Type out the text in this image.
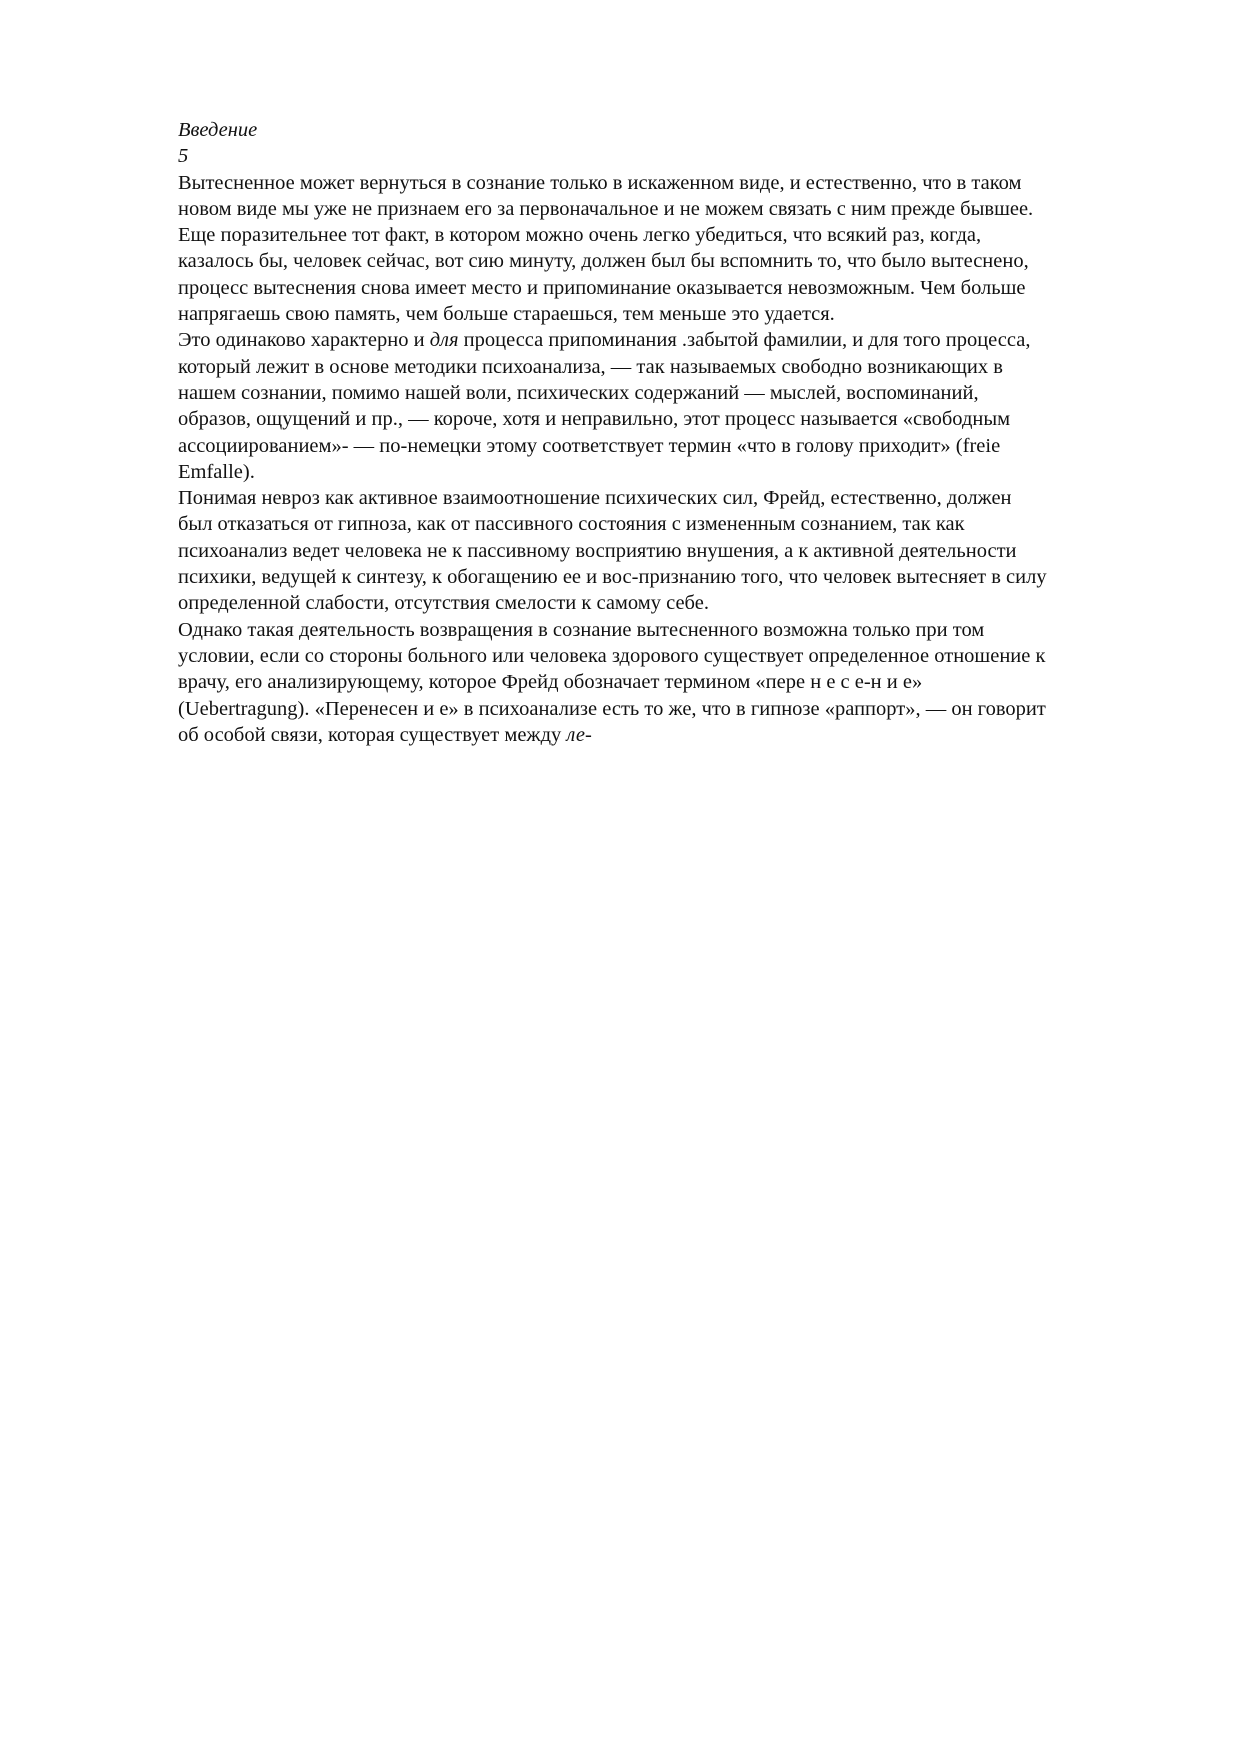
Введение
5
Вытесненное может вернуться в сознание только в искаженном виде, и естественно, что в таком
новом виде мы уже не признаем его за первоначальное и не можем связать с ним прежде бывшее.
Еще поразительнее тот факт, в котором можно очень легко убедиться, что всякий раз, когда,
казалось бы, человек сейчас, вот сию минуту, должен был бы вспомнить то, что было вытеснено,
процесс вытеснения снова имеет место и припоминание оказывается невозможным. Чем больше
напрягаешь свою память, чем больше стараешься, тем меньше это удается.
Это одинаково характерно и для процесса припоминания .забытой фамилии, и для того процесса,
который лежит в основе методики психоанализа, — так называемых свободно возникающих в
нашем сознании, помимо нашей воли, психических содержаний — мыслей, воспоминаний,
образов, ощущений и пр., — короче, хотя и неправильно, этот процесс называется «свободным
ассоциированием»- — по-немецки этому соответствует термин «что в голову приходит» (freie
Emfalle).
Понимая невроз как активное взаимоотношение психических сил, Фрейд, естественно, должен
был отказаться от гипноза, как от пассивного состояния с измененным сознанием, так как
психоанализ ведет человека не к пассивному восприятию внушения, а к активной деятельности
психики, ведущей к синтезу, к обогащению ее и вос-признанию того, что человек вытесняет в силу
определенной слабости, отсутствия смелости к самому себе.
Однако такая деятельность возвращения в сознание вытесненного возможна только при том
условии, если со стороны больного или человека здорового существует определенное отношение к
врачу, его анализирующему, которое Фрейд обозначает термином «пере н е с е-н и е»
(Uebertragung). «Перенесен и е» в психоанализе есть то же, что в гипнозе «раппорт», — он говорит
об особой связи, которая существует между ле-
